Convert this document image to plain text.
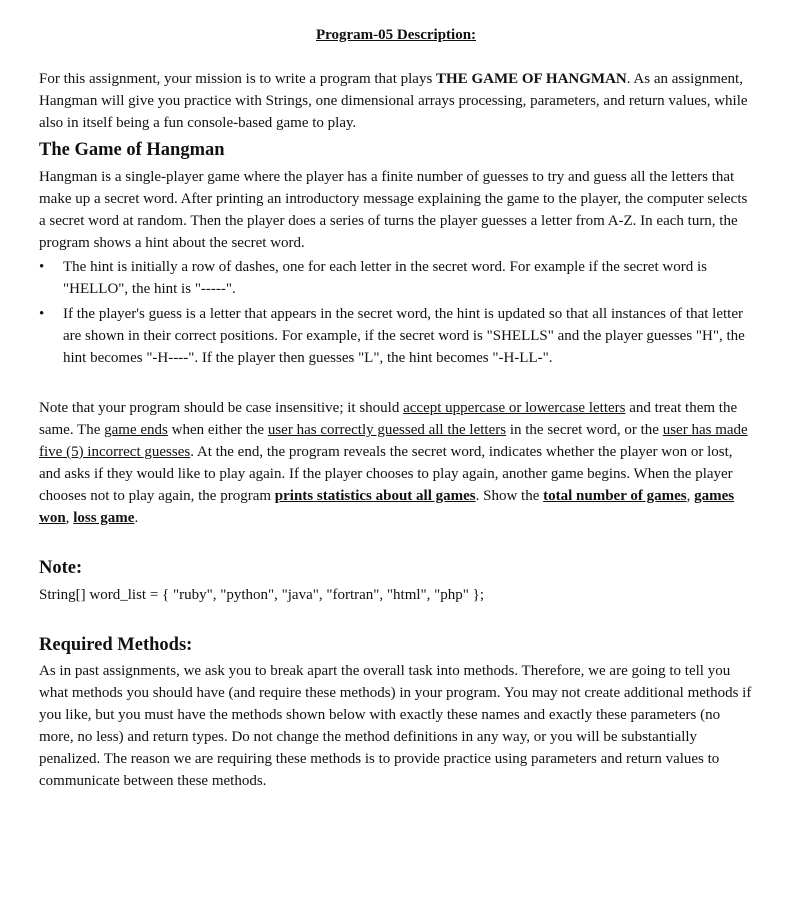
Program-05 Description:

For this assignment, your mission is to write a program that plays THE GAME OF HANGMAN. As an assignment, Hangman will give you practice with Strings, one dimensional arrays processing, parameters, and return values, while also in itself being a fun console-based game to play.

The Game of Hangman

Hangman is a single-player game where the player has a finite number of guesses to try and guess all the letters that make up a secret word. After printing an introductory message explaining the game to the player, the computer selects a secret word at random. Then the player does a series of turns the player guesses a letter from A-Z. In each turn, the program shows a hint about the secret word.

• The hint is initially a row of dashes, one for each letter in the secret word. For example if the secret word is "HELLO", the hint is "-----".
• If the player's guess is a letter that appears in the secret word, the hint is updated so that all instances of that letter are shown in their correct positions. For example, if the secret word is "SHELLS" and the player guesses "H", the hint becomes "-H----". If the player then guesses "L", the hint becomes "-H-LL-".

Note that your program should be case insensitive; it should accept uppercase or lowercase letters and treat them the same. The game ends when either the user has correctly guessed all the letters in the secret word, or the user has made five (5) incorrect guesses. At the end, the program reveals the secret word, indicates whether the player won or lost, and asks if they would like to play again. If the player chooses to play again, another game begins. When the player chooses not to play again, the program prints statistics about all games. Show the total number of games, games won, loss game.

Note:

String[] word_list = { "ruby", "python", "java", "fortran", "html", "php" };

Required Methods:

As in past assignments, we ask you to break apart the overall task into methods. Therefore, we are going to tell you what methods you should have (and require these methods) in your program. You may not create additional methods if you like, but you must have the methods shown below with exactly these names and exactly these parameters (no more, no less) and return types. Do not change the method definitions in any way, or you will be substantially penalized. The reason we are requiring these methods is to provide practice using parameters and return values to communicate between these methods.
